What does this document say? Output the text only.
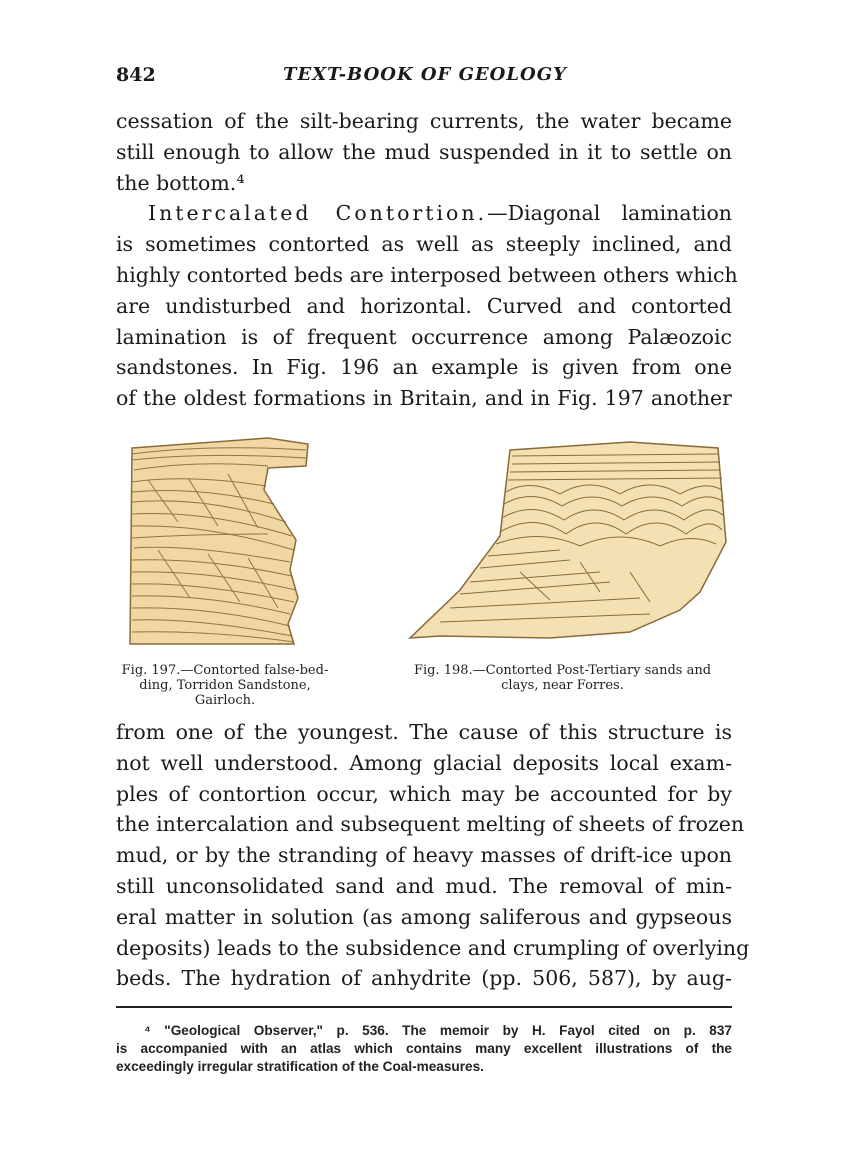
842	TEXT-BOOK OF GEOLOGY
cessation of the silt-bearing currents, the water became
still enough to allow the mud suspended in it to settle on
the bottom.⁴
Intercalated Contortion.—Diagonal lamination
is sometimes contorted as well as steeply inclined, and
highly contorted beds are interposed between others which
are undisturbed and horizontal. Curved and contorted
lamination is of frequent occurrence among Palæozoic
sandstones. In Fig. 196 an example is given from one
of the oldest formations in Britain, and in Fig. 197 another
Fig. 197.—Contorted false-bed-
ding, Torridon Sandstone,
Gairloch.
Fig. 198.—Contorted Post-Tertiary sands and
clays, near Forres.
from one of the youngest. The cause of this structure is
not well understood. Among glacial deposits local exam-
ples of contortion occur, which may be accounted for by
the intercalation and subsequent melting of sheets of frozen
mud, or by the stranding of heavy masses of drift-ice upon
still unconsolidated sand and mud. The removal of min-
eral matter in solution (as among saliferous and gypseous
deposits) leads to the subsidence and crumpling of overlying
beds. The hydration of anhydrite (pp. 506, 587), by aug-
⁴ "Geological Observer," p. 536. The memoir by H. Fayol cited on p. 837
is accompanied with an atlas which contains many excellent illustrations of the
exceedingly irregular stratification of the Coal-measures.
